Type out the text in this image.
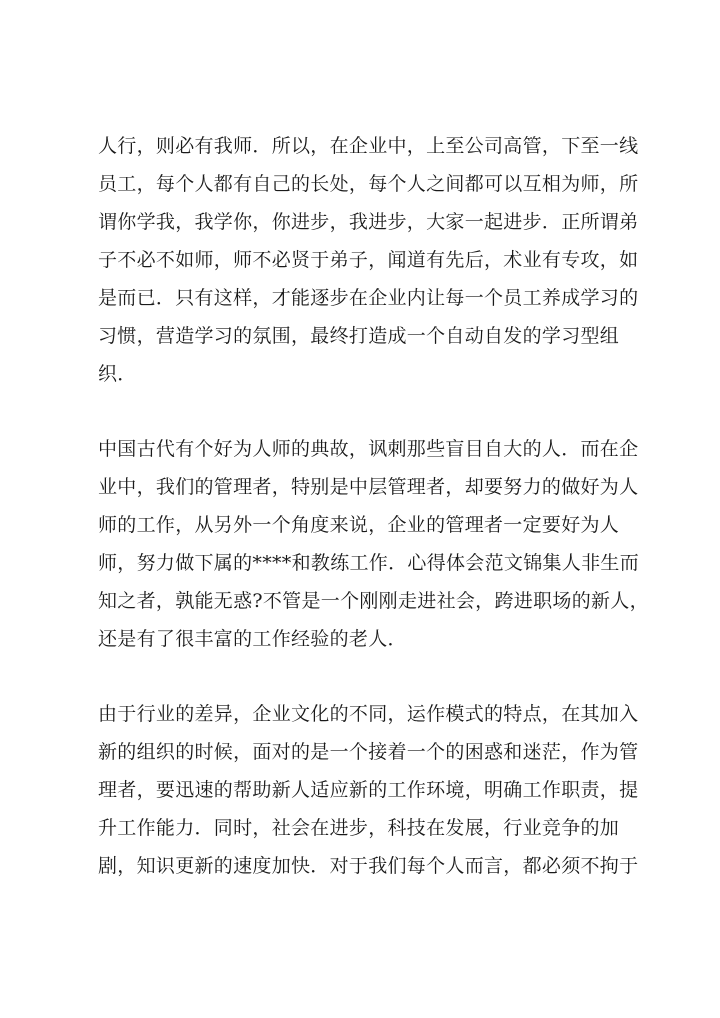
人行，则必有我师．所以，在企业中，上至公司高管，下至一线
员工，每个人都有自己的长处，每个人之间都可以互相为师，所
谓你学我，我学你，你进步，我进步，大家一起进步．正所谓弟
子不必不如师，师不必贤于弟子，闻道有先后，术业有专攻，如
是而已．只有这样，才能逐步在企业内让每一个员工养成学习的
习惯，营造学习的氛围，最终打造成一个自动自发的学习型组
织．
中国古代有个好为人师的典故，讽刺那些盲目自大的人．而在企
业中，我们的管理者，特别是中层管理者，却要努力的做好为人
师的工作，从另外一个角度来说，企业的管理者一定要好为人
师，努力做下属的****和教练工作．心得体会范文锦集人非生而
知之者，孰能无惑?不管是一个刚刚走进社会，跨进职场的新人，
还是有了很丰富的工作经验的老人．
由于行业的差异，企业文化的不同，运作模式的特点，在其加入
新的组织的时候，面对的是一个接着一个的困惑和迷茫，作为管
理者，要迅速的帮助新人适应新的工作环境，明确工作职责，提
升工作能力．同时，社会在进步，科技在发展，行业竞争的加
剧，知识更新的速度加快．对于我们每个人而言，都必须不拘于
